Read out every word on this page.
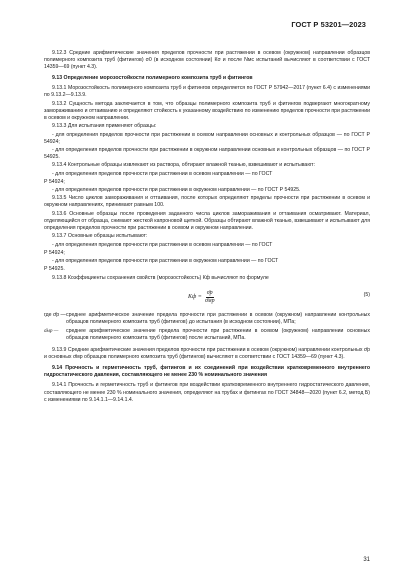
ГОСТ Р 53201—2023

9.12.3 Средние арифметические значения пределов прочности при растяжении в осевом (окружном) направлении образцов полимерного композита труб (фитингов) σ0 (в исходном состоянии) Кσ и после Nмс испытаний вычисляют в соответствии с ГОСТ 14359—69 (пункт 4.3).

9.13 Определение морозостойкости полимерного композита труб и фитингов

9.13.1 Морозостойкость полимерного композита труб и фитингов определяется по ГОСТ Р 57942—2017 (пункт 6.4) с изменениями по 9.13.2—9.13.9.

9.13.2 Сущность метода заключается в том, что образцы полимерного композита труб и фитингов подвергают многократному замораживанию и оттаиванию и определяют стойкость к указанному воздействию по изменению пределов прочности при растяжении в осевом и окружном направлении.

9.13.3 Для испытания применяют образцы:

- для определения пределов прочности при растяжении в осевом направлении основных и контрольных образцов — по ГОСТ Р 54924;

- для определения пределов прочности при растяжении в окружном направлении основных и контрольных образцов — по ГОСТ Р 54925.

9.13.4 Контрольные образцы извлекают из раствора, обтирают влажной тканью, взвешивают и испытывают:

- для определения пределов прочности при растяжении в осевом направлении — по ГОСТ

Р 54924;

- для определения пределов прочности при растяжении в окружном направлении — по ГОСТ Р 54925.

9.13.5 Число циклов замораживания и оттаивания, после которых определяют пределы прочности при растяжении в осевом и окружном направлениях, принимают равным 100.

9.13.6 Основные образцы после проведения заданного числа циклов замораживания и оттаивания осматривают. Материал, отделяющийся от образца, снимают жесткой капроновой щеткой. Образцы обтирают влажной тканью, взвешивают и испытывают для определения пределов прочности при растяжении в осевом и окружном направлении.

9.13.7 Основные образцы испытывают:

- для определения пределов прочности при растяжении в осевом направлении — по ГОСТ

Р 54924;

- для определения пределов прочности при растяжении в окружном направлении — по ГОСТ

Р 54925.

9.13.8 Коэффициенты сохранения свойств (морозостойкость) Кф вычисляют по формуле

Kф = $\frac{\sigmāр}{\sigmāмр}$	(5)
где σ̄р — среднее арифметическое значение предела прочности при растяжении в осевом (окружном) направлении контрольных образцов полимерного композита труб (фитингов) до испытания (в исходном состоянии), МПа;
σ̄мр —	среднее арифметическое значение предела прочности при растяжении в осевом (окружном) направлении основных образцов полимерного композита труб (фитингов) после испытаний, МПа.

9.13.9 Средние арифметические значения пределов прочности при растяжении в осевом (окружном) направлении контрольных σ̄р и основных σ̄мр образцов полимерного композита труб (фитингов) вычисляют в соответствии с ГОСТ 14359—69 (пункт 4.3).

9.14 Прочность и герметичность труб, фитингов и их соединений при воздействии кратковременного внутреннего гидростатического давления, составляющего не менее 230 % номинального значения

9.14.1 Прочность и герметичность труб и фитингов при воздействии кратковременного внутреннего гидростатического давления, составляющего не менее 230 % номинального значения, определяют на трубах и фитингах по ГОСТ 34848—2020 (пункт 6.2, метод Б) с изменениями по 9.14.1.1—9.14.1.4.

31
